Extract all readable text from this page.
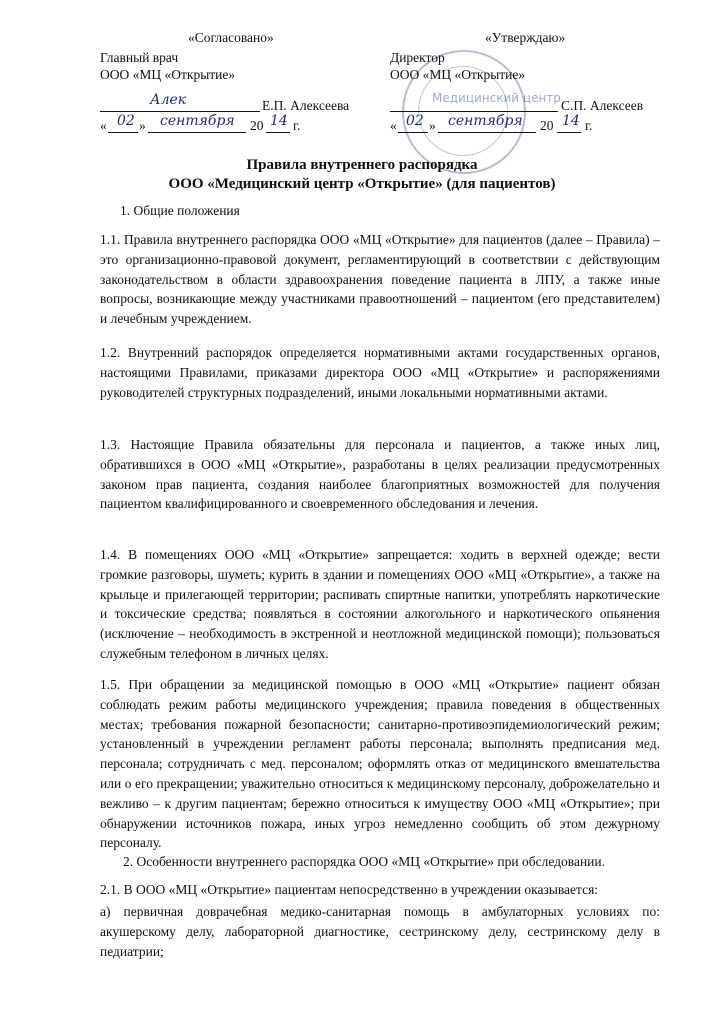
Медицинский центр
«Согласовано»
Главный врач
ООО «МЦ «Открытие»
Алек	Е.П. Алексеева
« 02 » сентября 20 14 г.
«Утверждаю»
Директор
ООО «МЦ «Открытие»
С.П. Алексеев
« 02 » сентября 20 14 г.
Правила внутреннего распорядка
ООО «Медицинский центр «Открытие» (для пациентов)
1. Общие положения
1.1. Правила внутреннего распорядка ООО «МЦ «Открытие» для пациентов (далее – Правила) – это организационно-правовой документ, регламентирующий в соответствии с действующим законодательством в области здравоохранения поведение пациента в ЛПУ, а также иные вопросы, возникающие между участниками правоотношений – пациентом (его представителем) и лечебным учреждением.
1.2. Внутренний распорядок определяется нормативными актами государственных органов, настоящими Правилами, приказами директора ООО «МЦ «Открытие» и распоряжениями руководителей структурных подразделений, иными локальными нормативными актами.
1.3. Настоящие Правила обязательны для персонала и пациентов, а также иных лиц, обратившихся в ООО «МЦ «Открытие», разработаны в целях реализации предусмотренных законом прав пациента, создания наиболее благоприятных возможностей для получения пациентом квалифицированного и своевременного обследования и лечения.
1.4. В помещениях ООО «МЦ «Открытие» запрещается: ходить в верхней одежде; вести громкие разговоры, шуметь; курить в здании и помещениях ООО «МЦ «Открытие», а также на крыльце и прилегающей территории; распивать спиртные напитки, употреблять наркотические и токсические средства; появляться в состоянии алкогольного и наркотического опьянения (исключение – необходимость в экстренной и неотложной медицинской помощи); пользоваться служебным телефоном в личных целях.
1.5. При обращении за медицинской помощью в ООО «МЦ «Открытие» пациент обязан соблюдать режим работы медицинского учреждения; правила поведения в общественных местах; требования пожарной безопасности; санитарно-противоэпидемиологический режим; установленный в учреждении регламент работы персонала; выполнять предписания мед. персонала; сотрудничать с мед. персоналом; оформлять отказ от медицинского вмешательства или о его прекращении; уважительно относиться к медицинскому персоналу, доброжелательно и вежливо – к другим пациентам; бережно относиться к имуществу ООО «МЦ «Открытие»; при обнаружении источников пожара, иных угроз немедленно сообщить об этом дежурному персоналу.
2. Особенности внутреннего распорядка ООО «МЦ «Открытие» при обследовании.
2.1. В ООО «МЦ «Открытие» пациентам непосредственно в учреждении оказывается:
а) первичная доврачебная медико-санитарная помощь в амбулаторных условиях по: акушерскому делу, лабораторной диагностике, сестринскому делу, сестринскому делу в педиатрии;
